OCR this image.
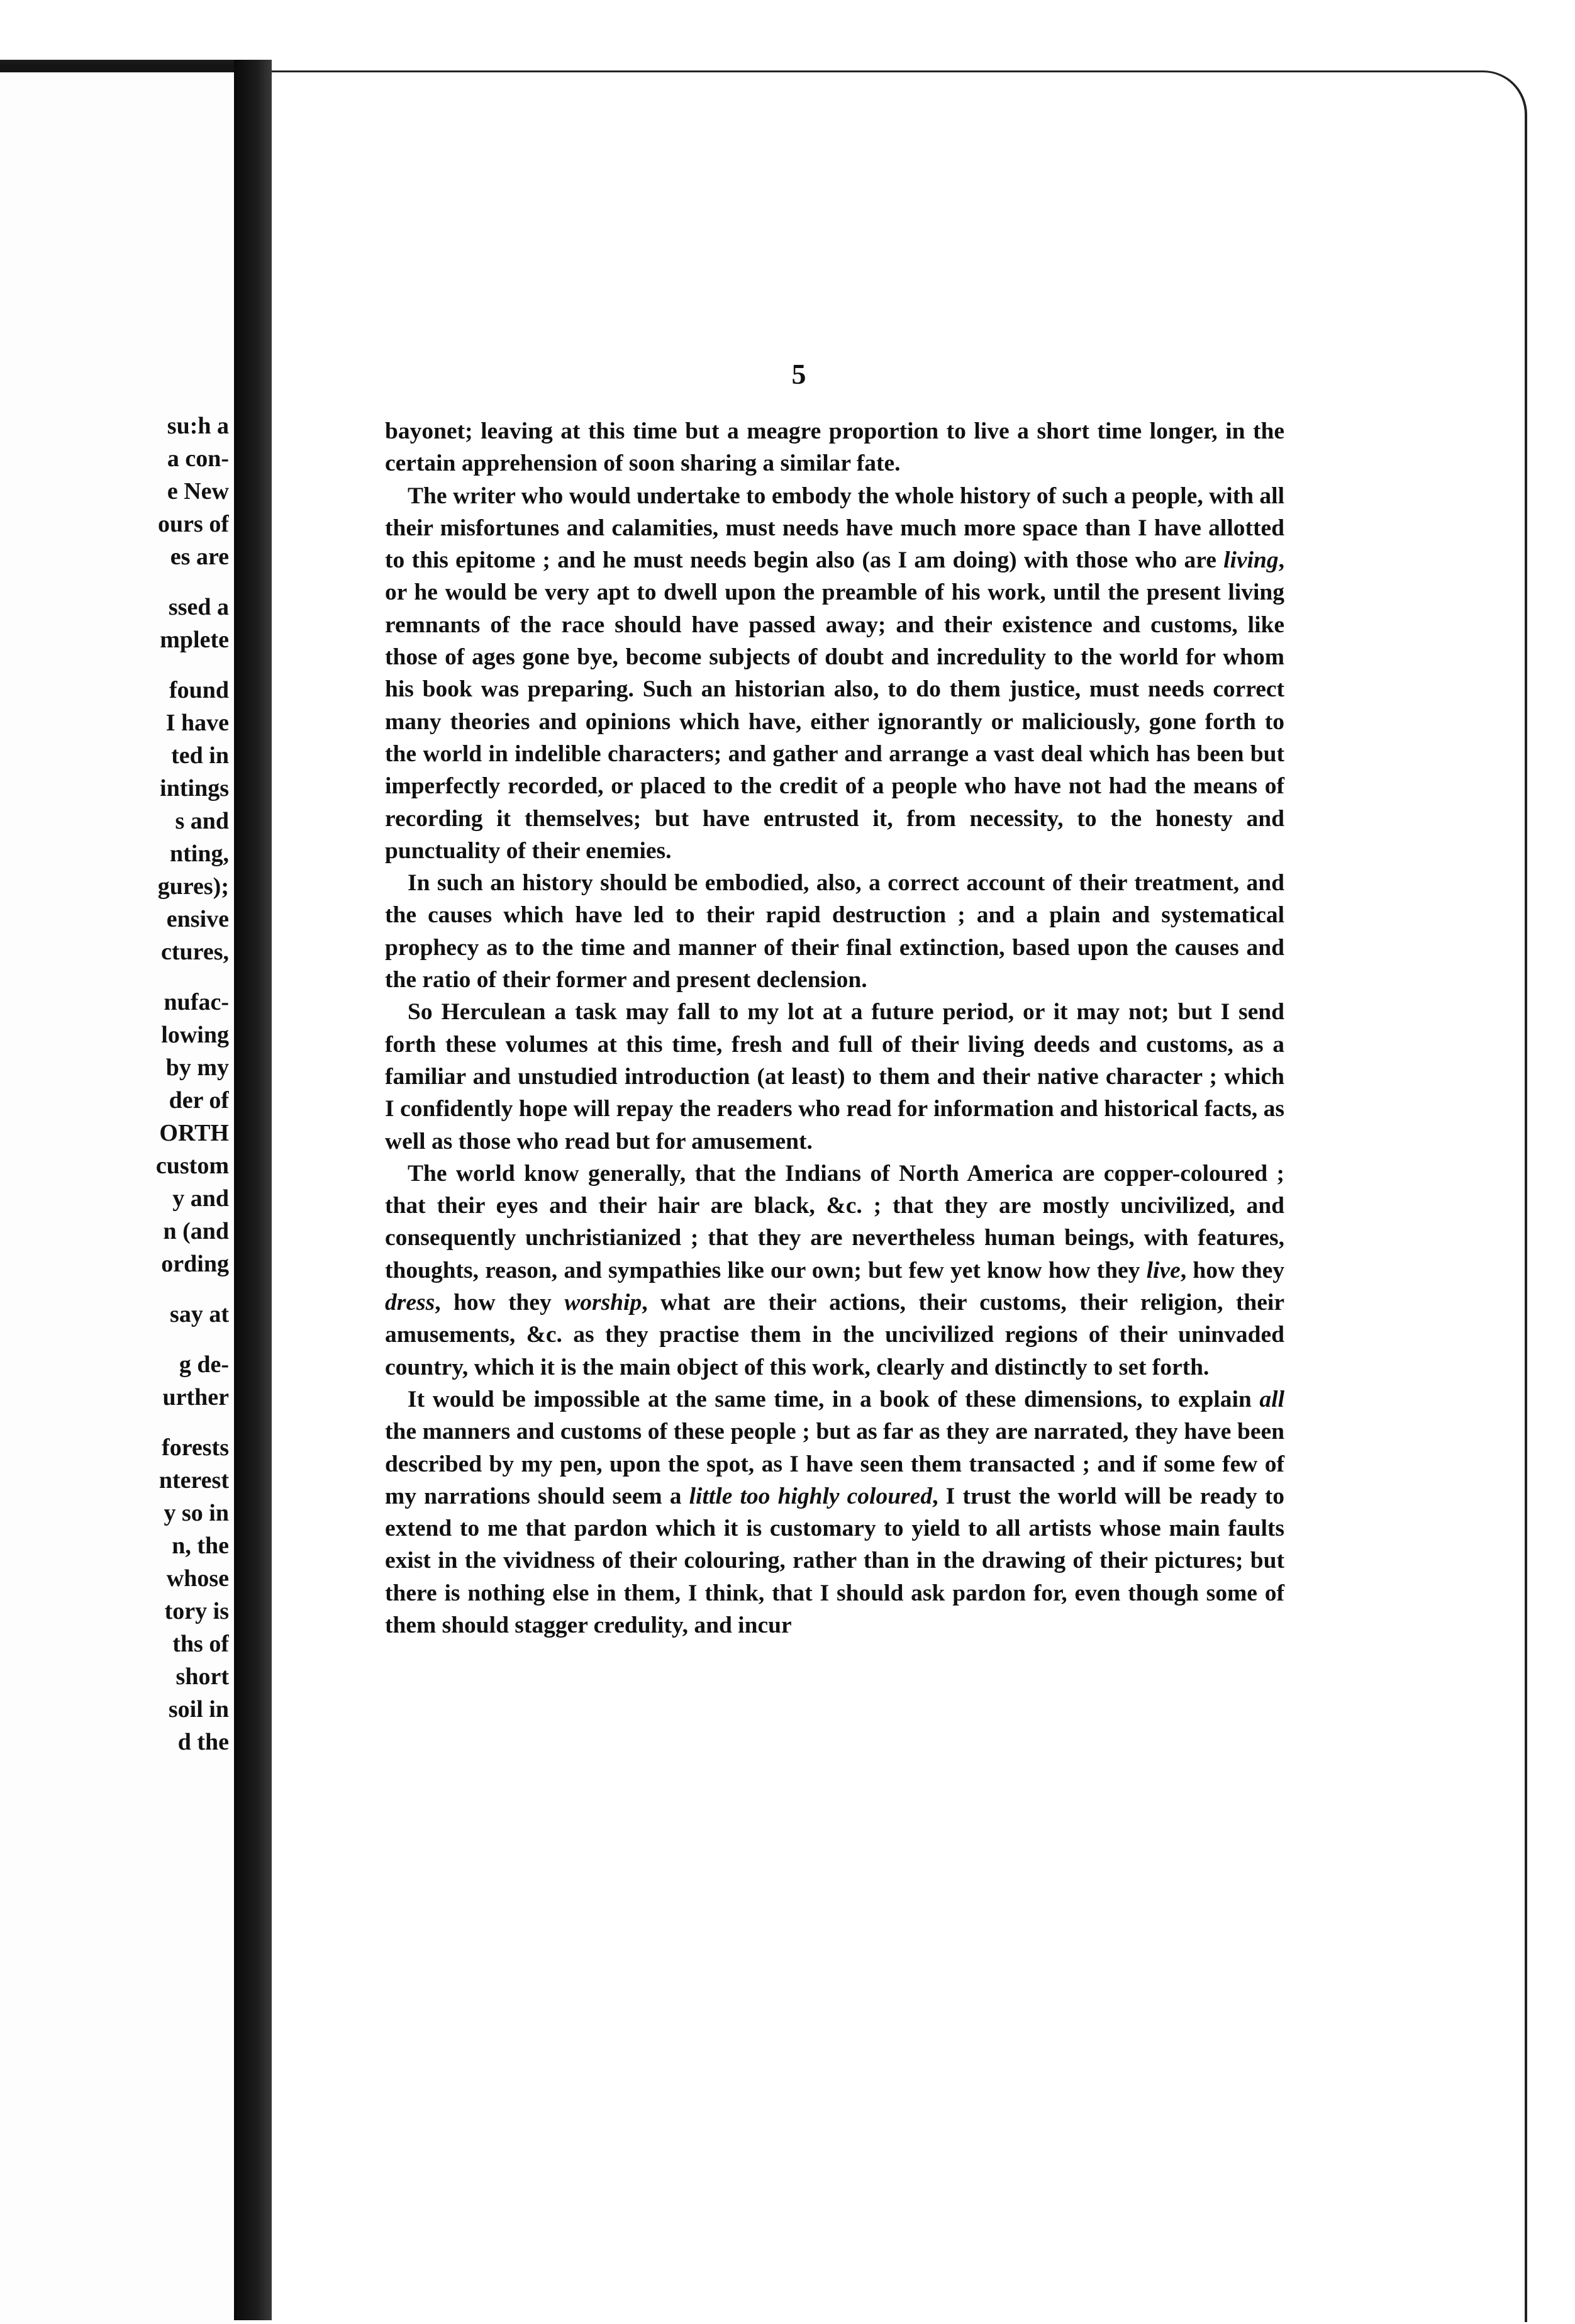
su:h a
a con-
e New
ours of
es are
ssed a
mplete
found
I have
ted in
intings
s and
nting,
gures);
ensive
ctures,
nufac-
lowing
by my
der of
ORTH
custom
y and
n (and
ording
say at
g de-
urther
forests
nterest
y so in
n, the
whose
tory is
ths of
short
soil in
d the
5

bayonet; leaving at this time but a meagre proportion to live a short time longer, in the certain apprehension of soon sharing a similar fate.

The writer who would undertake to embody the whole history of such a people, with all their misfortunes and calamities, must needs have much more space than I have allotted to this epitome ; and he must needs begin also (as I am doing) with those who are living, or he would be very apt to dwell upon the preamble of his work, until the present living remnants of the race should have passed away; and their existence and customs, like those of ages gone bye, become subjects of doubt and incredulity to the world for whom his book was preparing. Such an historian also, to do them justice, must needs correct many theories and opinions which have, either ignorantly or maliciously, gone forth to the world in indelible characters; and gather and arrange a vast deal which has been but imperfectly recorded, or placed to the credit of a people who have not had the means of recording it themselves; but have entrusted it, from necessity, to the honesty and punctuality of their enemies.

In such an history should be embodied, also, a correct account of their treatment, and the causes which have led to their rapid destruction ; and a plain and systematical prophecy as to the time and manner of their final extinction, based upon the causes and the ratio of their former and present declension.

So Herculean a task may fall to my lot at a future period, or it may not; but I send forth these volumes at this time, fresh and full of their living deeds and customs, as a familiar and unstudied introduction (at least) to them and their native character ; which I confidently hope will repay the readers who read for information and historical facts, as well as those who read but for amusement.

The world know generally, that the Indians of North America are copper-coloured ; that their eyes and their hair are black, &c. ; that they are mostly uncivilized, and consequently unchristianized ; that they are nevertheless human beings, with features, thoughts, reason, and sympathies like our own; but few yet know how they live, how they dress, how they worship, what are their actions, their customs, their religion, their amusements, &c. as they practise them in the uncivilized regions of their uninvaded country, which it is the main object of this work, clearly and distinctly to set forth.

It would be impossible at the same time, in a book of these dimensions, to explain all the manners and customs of these people ; but as far as they are narrated, they have been described by my pen, upon the spot, as I have seen them transacted ; and if some few of my narrations should seem a little too highly coloured, I trust the world will be ready to extend to me that pardon which it is customary to yield to all artists whose main faults exist in the vividness of their colouring, rather than in the drawing of their pictures; but there is nothing else in them, I think, that I should ask pardon for, even though some of them should stagger credulity, and incur
